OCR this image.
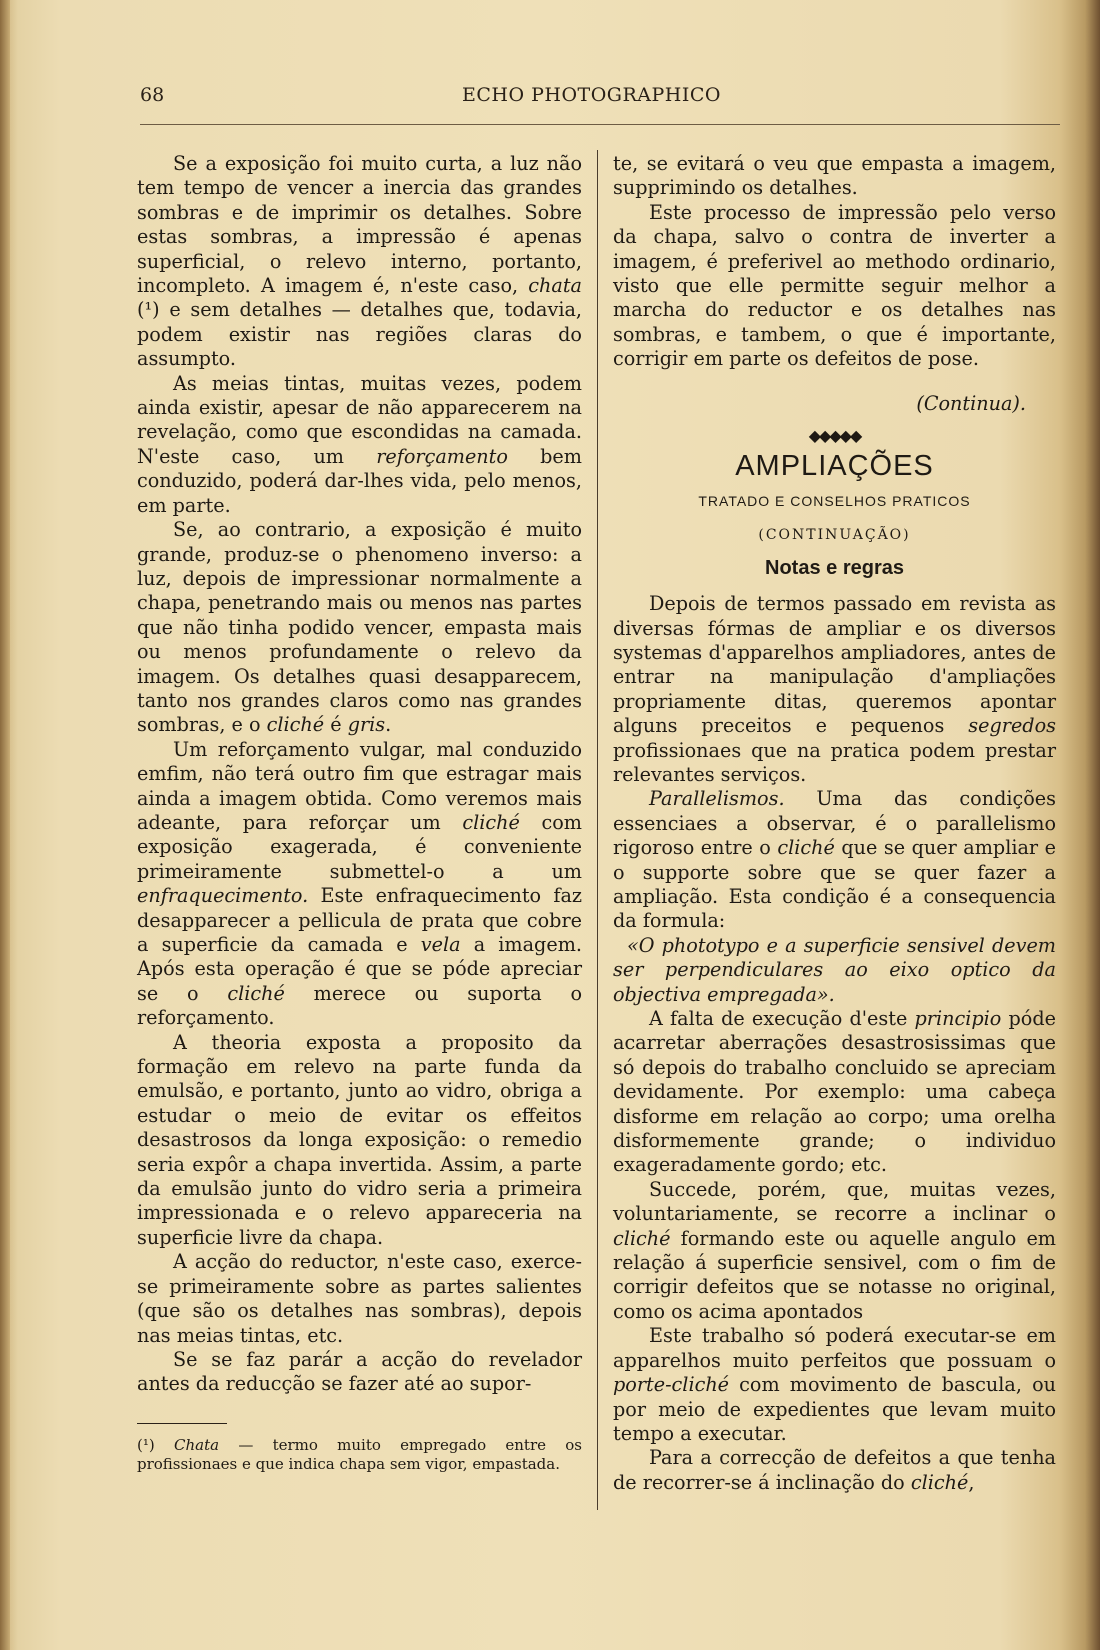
68	ECHO PHOTOGRAPHICO

Se a exposição foi muito curta, a luz não tem tempo de vencer a inercia das grandes sombras e de imprimir os detalhes. Sobre estas sombras, a impressão é apenas superficial, o relevo interno, portanto, incompleto. A imagem é, n'este caso, chata (¹) e sem detalhes — detalhes que, todavia, podem existir nas regiões claras do assumpto.

As meias tintas, muitas vezes, podem ainda existir, apesar de não apparecerem na revelação, como que escondidas na camada. N'este caso, um reforçamento bem conduzido, poderá dar-lhes vida, pelo menos, em parte.

Se, ao contrario, a exposição é muito grande, produz-se o phenomeno inverso: a luz, depois de impressionar normalmente a chapa, penetrando mais ou menos nas partes que não tinha podido vencer, empasta mais ou menos profundamente o relevo da imagem. Os detalhes quasi desapparecem, tanto nos grandes claros como nas grandes sombras, e o cliché é gris.

Um reforçamento vulgar, mal conduzido emfim, não terá outro fim que estragar mais ainda a imagem obtida. Como veremos mais adeante, para reforçar um cliché com exposição exagerada, é conveniente primeiramente submettel-o a um enfraquecimento. Este enfraquecimento faz desapparecer a pellicula de prata que cobre a superficie da camada e vela a imagem. Após esta operação é que se póde apreciar se o cliché merece ou suporta o reforçamento.

A theoria exposta a proposito da formação em relevo na parte funda da emulsão, e portanto, junto ao vidro, obriga a estudar o meio de evitar os effeitos desastrosos da longa exposição: o remedio seria expôr a chapa invertida. Assim, a parte da emulsão junto do vidro seria a primeira impressionada e o relevo appareceria na superficie livre da chapa.

A acção do reductor, n'este caso, exerce-se primeiramente sobre as partes salientes (que são os detalhes nas sombras), depois nas meias tintas, etc.

Se se faz parár a acção do revelador antes da reducção se fazer até ao supor-

(¹) Chata — termo muito empregado entre os profissionaes e que indica chapa sem vigor, empastada.

te, se evitará o veu que empasta a imagem, supprimindo os detalhes.

Este processo de impressão pelo verso da chapa, salvo o contra de inverter a imagem, é preferivel ao methodo ordinario, visto que elle permitte seguir melhor a marcha do reductor e os detalhes nas sombras, e tambem, o que é importante, corrigir em parte os defeitos de pose.

(Continua).
◆◆◆◆◆
AMPLIAÇÕES
TRATADO E CONSELHOS PRATICOS
(CONTINUAÇÃO)
Notas e regras

Depois de termos passado em revista as diversas fórmas de ampliar e os diversos systemas d'apparelhos ampliadores, antes de entrar na manipulação d'ampliações propriamente ditas, queremos apontar alguns preceitos e pequenos segredos profissionaes que na pratica podem prestar relevantes serviços.

Parallelismos. Uma das condições essenciaes a observar, é o parallelismo rigoroso entre o cliché que se quer ampliar e o supporte sobre que se quer fazer a ampliação. Esta condição é a consequencia da formula:

«O phototypo e a superficie sensivel devem ser perpendiculares ao eixo optico da objectiva empregada».

A falta de execução d'este principio póde acarretar aberrações desastrosissimas que só depois do trabalho concluido se apreciam devidamente. Por exemplo: uma cabeça disforme em relação ao corpo; uma orelha disformemente grande; o individuo exageradamente gordo; etc.

Succede, porém, que, muitas vezes, voluntariamente, se recorre a inclinar o cliché formando este ou aquelle angulo em relação á superficie sensivel, com o fim de corrigir defeitos que se notasse no original, como os acima apontados

Este trabalho só poderá executar-se em apparelhos muito perfeitos que possuam o porte-cliché com movimento de bascula, ou por meio de expedientes que levam muito tempo a executar.

Para a correcção de defeitos a que tenha de recorrer-se á inclinação do cliché,
